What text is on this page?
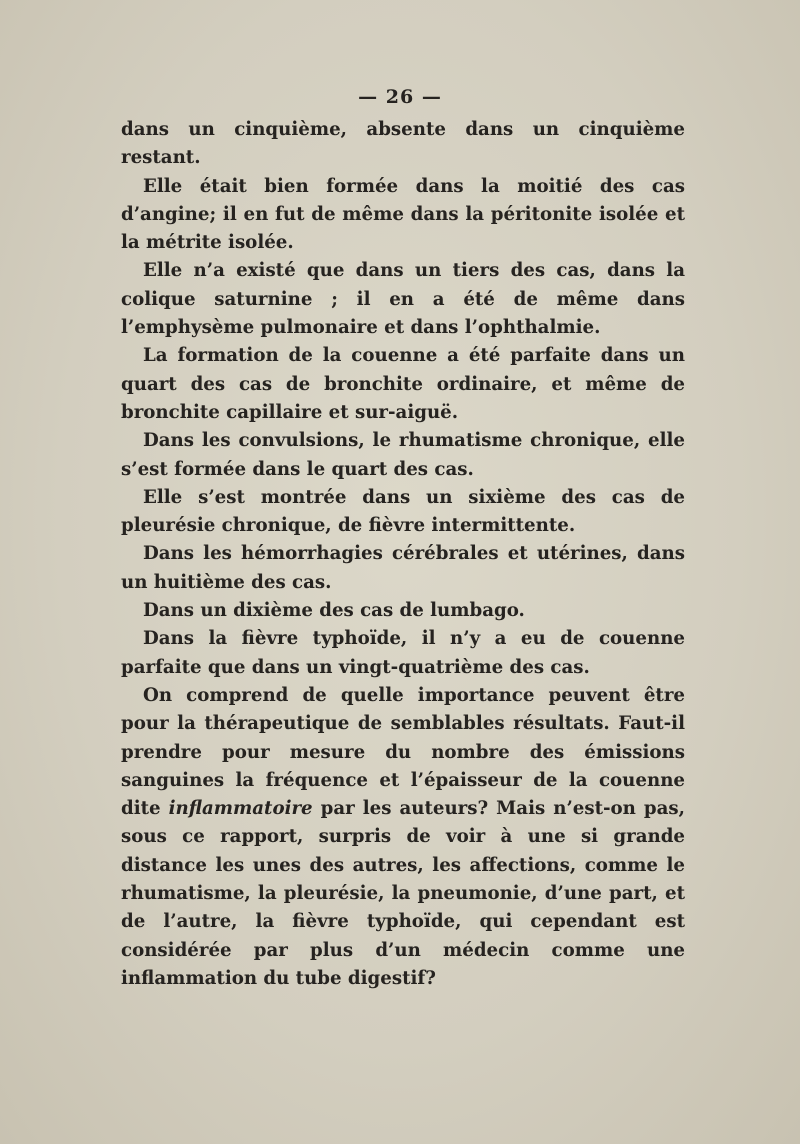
— 26 —

dans un cinquième, absente dans un cinquième restant.

Elle était bien formée dans la moitié des cas d’angine; il en fut de même dans la péritonite isolée et la métrite isolée.

Elle n’a existé que dans un tiers des cas, dans la colique saturnine ; il en a été de même dans l’emphysème pulmonaire et dans l’ophthalmie.

La formation de la couenne a été parfaite dans un quart des cas de bronchite ordinaire, et même de bronchite capillaire et sur-aiguë.

Dans les convulsions, le rhumatisme chronique, elle s’est formée dans le quart des cas.

Elle s’est montrée dans un sixième des cas de pleurésie chronique, de fièvre intermittente.

Dans les hémorrhagies cérébrales et utérines, dans un huitième des cas.

Dans un dixième des cas de lumbago.

Dans la fièvre typhoïde, il n’y a eu de couenne parfaite que dans un vingt-quatrième des cas.

On comprend de quelle importance peuvent être pour la thérapeutique de semblables résultats. Faut-il prendre pour mesure du nombre des émissions sanguines la fréquence et l’épaisseur de la couenne dite inflammatoire par les auteurs? Mais n’est-on pas, sous ce rapport, surpris de voir à une si grande distance les unes des autres, les affections, comme le rhumatisme, la pleurésie, la pneumonie, d’une part, et de l’autre, la fièvre typhoïde, qui cependant est considérée par plus d’un médecin comme une inflammation du tube digestif?
